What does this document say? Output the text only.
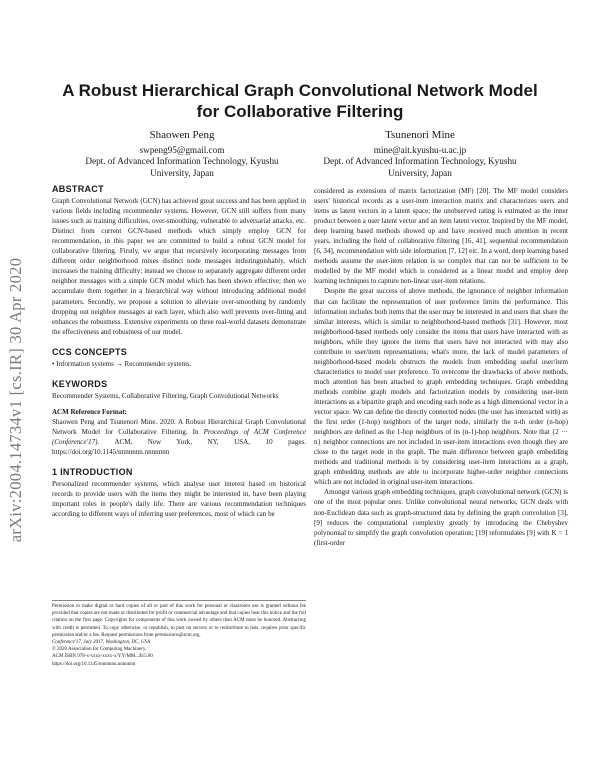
arXiv:2004.14734v1 [cs.IR] 30 Apr 2020
A Robust Hierarchical Graph Convolutional Network Model for Collaborative Filtering
Shaowen Peng
swpeng95@gmail.com
Dept. of Advanced Information Technology, Kyushu University, Japan
Tsunenori Mine
mine@ait.kyushu-u.ac.jp
Dept. of Advanced Information Technology, Kyushu University, Japan
ABSTRACT

Graph Convolutional Network (GCN) has achieved great success and has been applied in various fields including recommender systems. However, GCN still suffers from many issues such as training difficulties, over-smoothing, vulnerable to adversarial attacks, etc. Distinct from current GCN-based methods which simply employ GCN for recommendation, in this paper we are committed to build a robust GCN model for collaborative filtering. Firstly, we argue that recursively incorporating messages from different order neighborhood mixes distinct node messages indistinguishably, which increases the training difficulty; instead we choose to separately aggregate different order neighbor messages with a simple GCN model which has been shown effective; then we accumulate them together in a hierarchical way without introducing additional model parameters. Secondly, we propose a solution to alleviate over-smoothing by randomly dropping out neighbor messages at each layer, which also well prevents over-fitting and enhances the robustness. Extensive experiments on three real-world datasets demonstrate the effectiveness and robustness of our model.

CCS CONCEPTS

• Information systems → Recommender systems.

KEYWORDS

Recommender Systems, Collaborative Filtering, Graph Convolutional Networks

ACM Reference Format:

Shaowen Peng and Tsunenori Mine. 2020. A Robust Hierarchical Graph Convolutional Network Model for Collaborative Filtering. In Proceedings of ACM Conference (Conference'17). ACM, New York, NY, USA, 10 pages. https://doi.org/10.1145/nnnnnnn.nnnnnnn

1 INTRODUCTION

Personalized recommender systems, which analyse user interest based on historical records to provide users with the items they might be interested in, have been playing important roles in people's daily life. There are various recommendation techniques according to different ways of inferring user preferences, most of which can be

Permission to make digital or hard copies of all or part of this work for personal or classroom use is granted without fee provided that copies are not made or distributed for profit or commercial advantage and that copies bear this notice and the full citation on the first page. Copyrights for components of this work owned by others than ACM must be honored. Abstracting with credit is permitted. To copy otherwise, or republish, to post on servers or to redistribute to lists, requires prior specific permission and/or a fee. Request permissions from permissions@acm.org.

Conference'17, July 2017, Washington, DC, USA

© 2020 Association for Computing Machinery.

ACM ISBN 978-x-xxxx-xxxx-x/YY/MM...$15.00

https://doi.org/10.1145/nnnnnnn.nnnnnnn

considered as extensions of matrix factorization (MF) [20]. The MF model considers users' historical records as a user-item interaction matrix and characterizes users and items as latent vectors in a latent space; the unobserved rating is estimated as the inner product between a user latent vector and an item latent vector. Inspired by the MF model, deep learning based methods showed up and have received much attention in recent years, including the field of collaborative filtering [16, 41], sequential recommendation [6, 34], recommendation with side information [7, 12] etc. In a word, deep learning based methods assume the user-item relation is so complex that can not be sufficient to be modelled by the MF model which is considered as a linear model and employ deep learning techniques to capture non-linear user-item relations.

Despite the great success of above methods, the ignorance of neighbor information that can facilitate the representation of user preference limits the performance. This information includes both items that the user may be interested in and users that share the similar interests, which is similar to neighborhood-based methods [31]. However, most neighborhood-based methods only consider the items that users have interacted with as neighbors, while they ignore the items that users have not interacted with may also contribute to user/item representations; what's more, the lack of model parameters of neighborhood-based models obstructs the models from embedding useful user/item characteristics to model user preference. To overcome the drawbacks of above methods, much attention has been attached to graph embedding techniques. Graph embedding methods combine graph models and factorization models by considering user-item interactions as a bipartite graph and encoding each node as a high dimensional vector in a vector space. We can define the directly connected nodes (the user has interacted with) as the first order (1-hop) neighbors of the target node, similarly the n-th order (n-hop) neighbors are defined as the 1-hop neighbors of its (n-1)-hop neighbors. Note that {2 ··· n} neighbor connections are not included in user-item interactions even though they are close to the target node in the graph. The main difference between graph embedding methods and traditional methods is by considering user-item interactions as a graph, graph embedding methods are able to incorporate higher-order neighbor connections which are not included in original user-item interactions.

Amongst various graph embedding techniques, graph convolutional network (GCN) is one of the most popular ones. Unlike convolutional neural networks, GCN deals with non-Euclidean data such as graph-structured data by defining the graph convolution [3], [9] reduces the computational complexity greatly by introducing the Chebyshev polynomial to simplify the graph convolution operation; [19] reformulates [9] with K = 1 (first-order
